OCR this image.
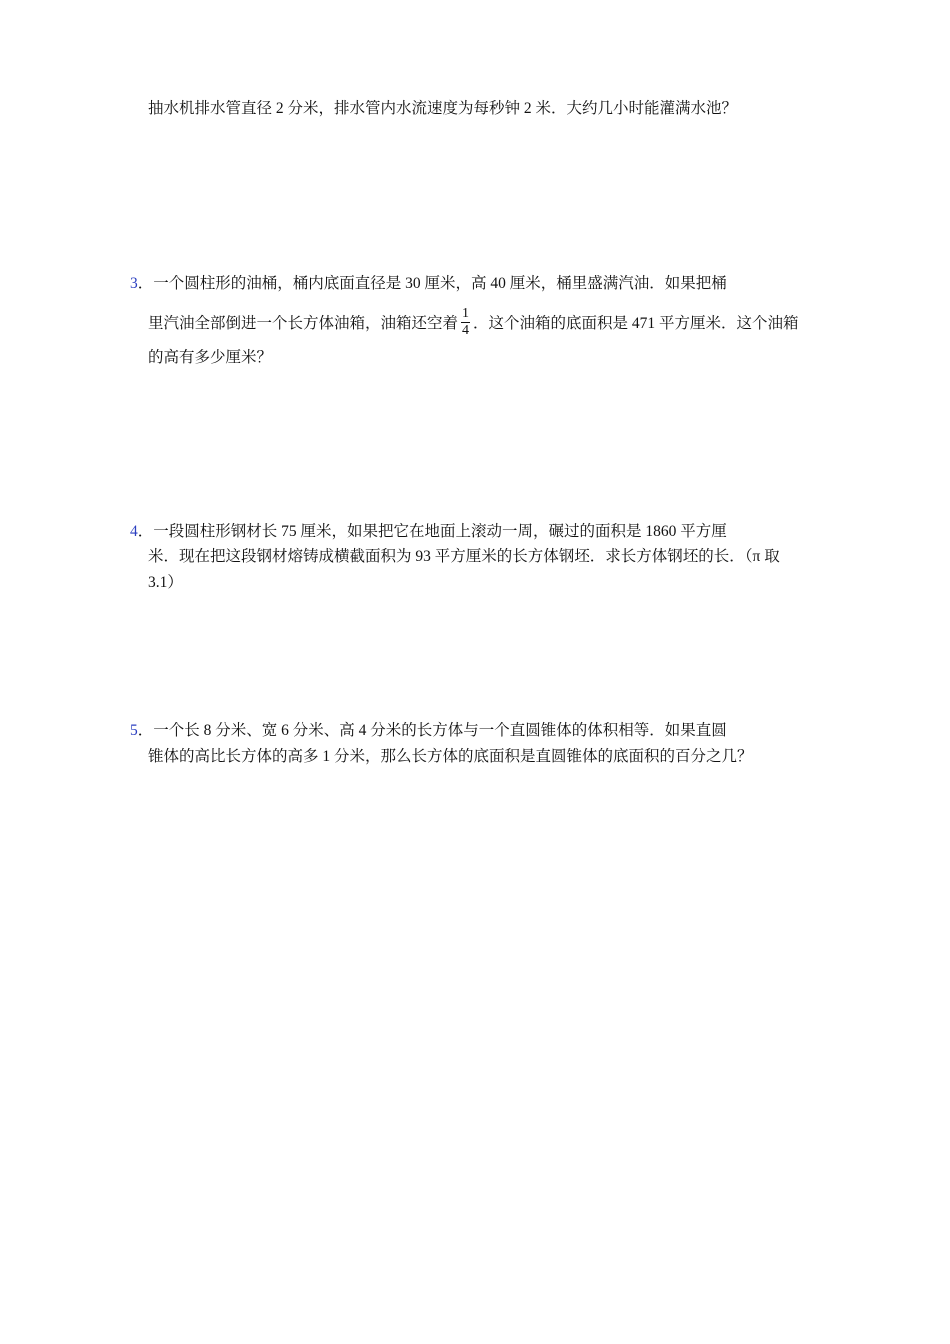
抽水机排水管直径 2 分米，排水管内水流速度为每秒钟 2 米．大约几小时能灌满水池？
3．一个圆柱形的油桶，桶内底面直径是 30 厘米，高 40 厘米，桶里盛满汽油．如果把桶
里汽油全部倒进一个长方体油箱，油箱还空着 $\frac{1}{4}$ ．这个油箱的底面积是 471 平方厘米．这个油箱
的高有多少厘米？
4．一段圆柱形钢材长 75 厘米，如果把它在地面上滚动一周，碾过的面积是 1860 平方厘
米．现在把这段钢材熔铸成横截面积为 93 平方厘米的长方体钢坯．求长方体钢坯的长．（π 取
3.1）
5．一个长 8 分米、宽 6 分米、高 4 分米的长方体与一个直圆锥体的体积相等．如果直圆
锥体的高比长方体的高多 1 分米，那么长方体的底面积是直圆锥体的底面积的百分之几？
